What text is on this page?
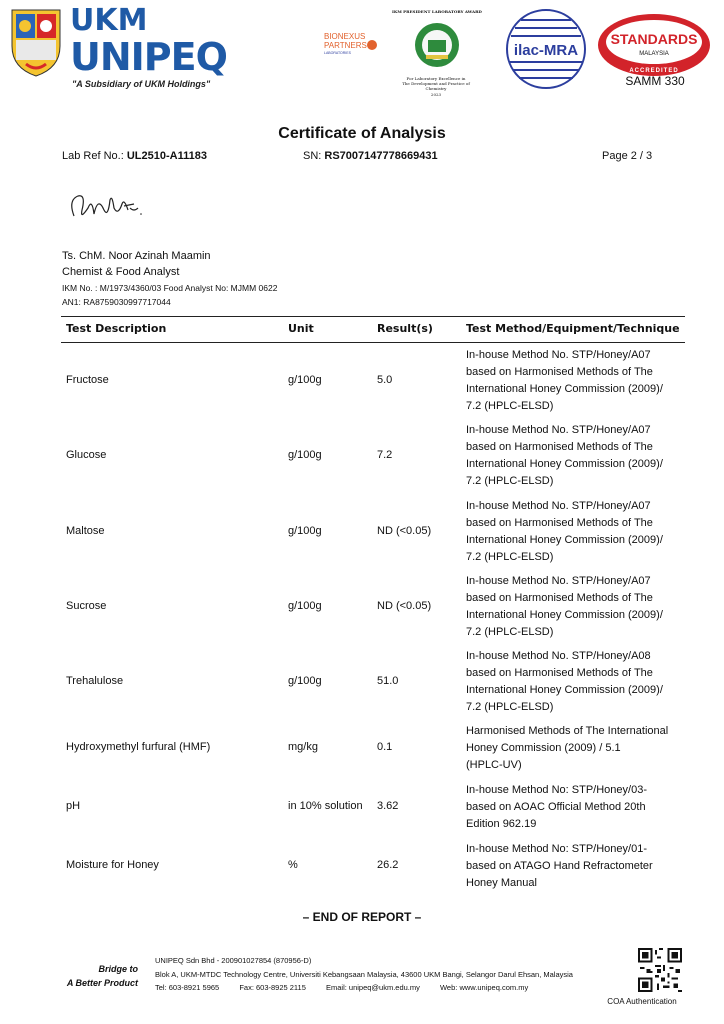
UKM
UNIPEQ
"A Subsidiary of UKM Holdings"
IKM PRESIDENT LABORATORY AWARD
BIONEXUS
PARTNERS
LABORATORIES
For Laboratory Excellence in
The Development and Practice of Chemistry
2023
ilac-MRA
STANDARDS
MALAYSIA
ACCREDITED
SAMM 330
Certificate of Analysis
Lab Ref No.: UL2510-A11183	SN: RS7007147778669431	Page 2 / 3
Ts. ChM. Noor Azinah Maamin
Chemist & Food Analyst
IKM No. : M/1973/4360/03 Food Analyst No: MJMM 0622
AN1: RA8759030997717044
Test Description	Unit	Result(s)	Test Method/Equipment/Technique
Fructose	g/100g	5.0
In-house Method No. STP/Honey/A07
based on Harmonised Methods of The
International Honey Commission (2009)/
7.2 (HPLC-ELSD)
Glucose	g/100g	7.2
In-house Method No. STP/Honey/A07
based on Harmonised Methods of The
International Honey Commission (2009)/
7.2 (HPLC-ELSD)
Maltose	g/100g	ND (<0.05)
In-house Method No. STP/Honey/A07
based on Harmonised Methods of The
International Honey Commission (2009)/
7.2 (HPLC-ELSD)
Sucrose	g/100g	ND (<0.05)
In-house Method No. STP/Honey/A07
based on Harmonised Methods of The
International Honey Commission (2009)/
7.2 (HPLC-ELSD)
Trehalulose	g/100g	51.0
In-house Method No. STP/Honey/A08
based on Harmonised Methods of The
International Honey Commission (2009)/
7.2 (HPLC-ELSD)
Hydroxymethyl furfural (HMF)	mg/kg	0.1
Harmonised Methods of The International
Honey Commission (2009) / 5.1
(HPLC-UV)
pH	in 10% solution 3.62
In-house Method No: STP/Honey/03-
based on AOAC Official Method 20th
Edition 962.19
Moisture for Honey	%	26.2
In-house Method No: STP/Honey/01-
based on ATAGO Hand Refractometer
Honey Manual
– END OF REPORT –
Bridge to
A Better Product
UNIPEQ Sdn Bhd - 200901027854 (870956-D)
Blok A, UKM-MTDC Technology Centre, Universiti Kebangsaan Malaysia, 43600 UKM Bangi, Selangor Darul Ehsan, Malaysia
Tel: 603-8921 5965	Fax: 603-8925 2115	Email: unipeq@ukm.edu.my	Web: www.unipeq.com.my
COA Authentication
